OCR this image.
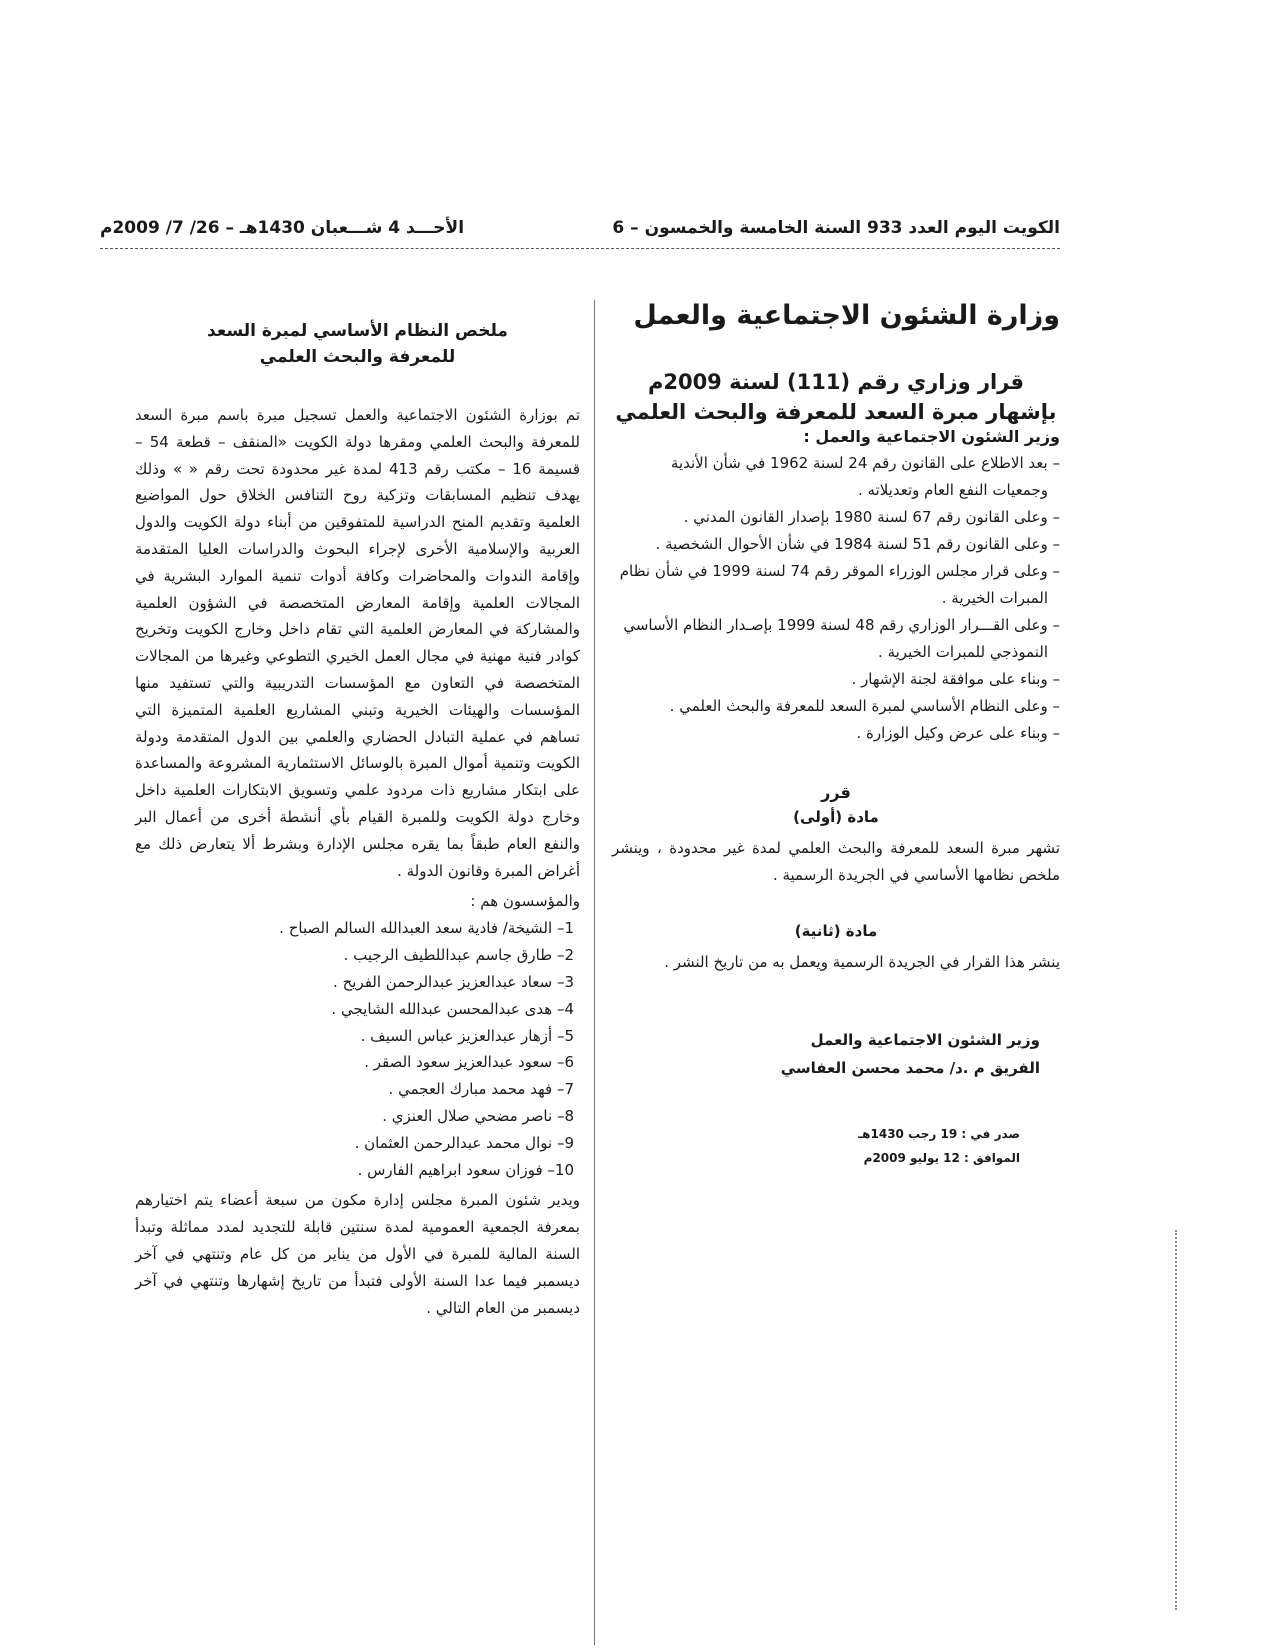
الكويت اليوم العدد 933 السنة الخامسة والخمسون – 6
الأحـــد 4 شـــعبان 1430هـ – 26/ 7/ 2009م

وزارة الشئون الاجتماعية والعمل

قرار وزاري رقم (111) لسنة 2009م

بإشهار مبرة السعد للمعرفة والبحث العلمي

وزير الشئون الاجتماعية والعمل :

– بعد الاطلاع على القانون رقم 24 لسنة 1962 في شأن الأندية وجمعيات النفع العام وتعديلاته .
– وعلى القانون رقم 67 لسنة 1980 بإصدار القانون المدني .
– وعلى القانون رقم 51 لسنة 1984 في شأن الأحوال الشخصية .
– وعلى قرار مجلس الوزراء الموقر رقم 74 لسنة 1999 في شأن نظام المبرات الخيرية .
– وعلى القـــرار الوزاري رقم 48 لسنة 1999 بإصـدار النظام الأساسي النموذجي للمبرات الخيرية .
– وبناء على موافقة لجنة الإشهار .
– وعلى النظام الأساسي لمبرة السعد للمعرفة والبحث العلمي .
– وبناء على عرض وكيل الوزارة .

قرر

مادة (أولى)

تشهر مبرة السعد للمعرفة والبحث العلمي لمدة غير محدودة ، وينشر ملخص نظامها الأساسي في الجريدة الرسمية .

مادة (ثانية)

ينشر هذا القرار في الجريدة الرسمية ويعمل به من تاريخ النشر .

وزير الشئون الاجتماعية والعمل

الفريق م .د/ محمد محسن العفاسي

صدر في : 19 رجب 1430هـ

الموافق : 12 يوليو 2009م

ملخص النظام الأساسي لمبرة السعد
للمعرفة والبحث العلمي

تم بوزارة الشئون الاجتماعية والعمل تسجيل مبرة باسم مبرة السعد للمعرفة والبحث العلمي ومقرها دولة الكويت «المنقف – قطعة 54 – قسيمة 16 – مكتب رقم 413 لمدة غير محدودة تحت رقم « » وذلك يهدف تنظيم المسابقات وتزكية روح التنافس الخلاق حول المواضيع العلمية وتقديم المنح الدراسية للمتفوقين من أبناء دولة الكويت والدول العربية والإسلامية الأخرى لإجراء البحوث والدراسات العليا المتقدمة وإقامة الندوات والمحاضرات وكافة أدوات تنمية الموارد البشرية في المجالات العلمية وإقامة المعارض المتخصصة في الشؤون العلمية والمشاركة في المعارض العلمية التي تقام داخل وخارج الكويت وتخريج كوادر فنية مهنية في مجال العمل الخيري التطوعي وغيرها من المجالات المتخصصة في التعاون مع المؤسسات التدريبية والتي تستفيد منها المؤسسات والهيئات الخيرية وتبني المشاريع العلمية المتميزة التي تساهم في عملية التبادل الحضاري والعلمي بين الدول المتقدمة ودولة الكويت وتنمية أموال المبرة بالوسائل الاستثمارية المشروعة والمساعدة على ابتكار مشاريع ذات مردود علمي وتسويق الابتكارات العلمية داخل وخارج دولة الكويت وللمبرة القيام بأي أنشطة أخرى من أعمال البر والنفع العام طبقاً بما يقره مجلس الإدارة وبشرط ألا يتعارض ذلك مع أغراض المبرة وقانون الدولة .

والمؤسسون هم :

1– الشيخة/ فادية سعد العبدالله السالم الصباح .
2– طارق جاسم عبداللطيف الرجيب .
3– سعاد عبدالعزيز عبدالرحمن الفريح .
4– هدى عبدالمحسن عبدالله الشايجي .
5– أزهار عبدالعزيز عباس السيف .
6– سعود عبدالعزيز سعود الصقر .
7– فهد محمد مبارك العجمي .
8– ناصر مضحي صلال العنزي .
9– نوال محمد عبدالرحمن العثمان .
10– فوزان سعود ابراهيم الفارس .

ويدير شئون المبرة مجلس إدارة مكون من سبعة أعضاء يتم اختيارهم بمعرفة الجمعية العمومية لمدة سنتين قابلة للتجديد لمدد مماثلة وتبدأ السنة المالية للمبرة في الأول من يناير من كل عام وتنتهي في آخر ديسمبر فيما عدا السنة الأولى فتبدأ من تاريخ إشهارها وتنتهي في آخر ديسمبر من العام التالي .
